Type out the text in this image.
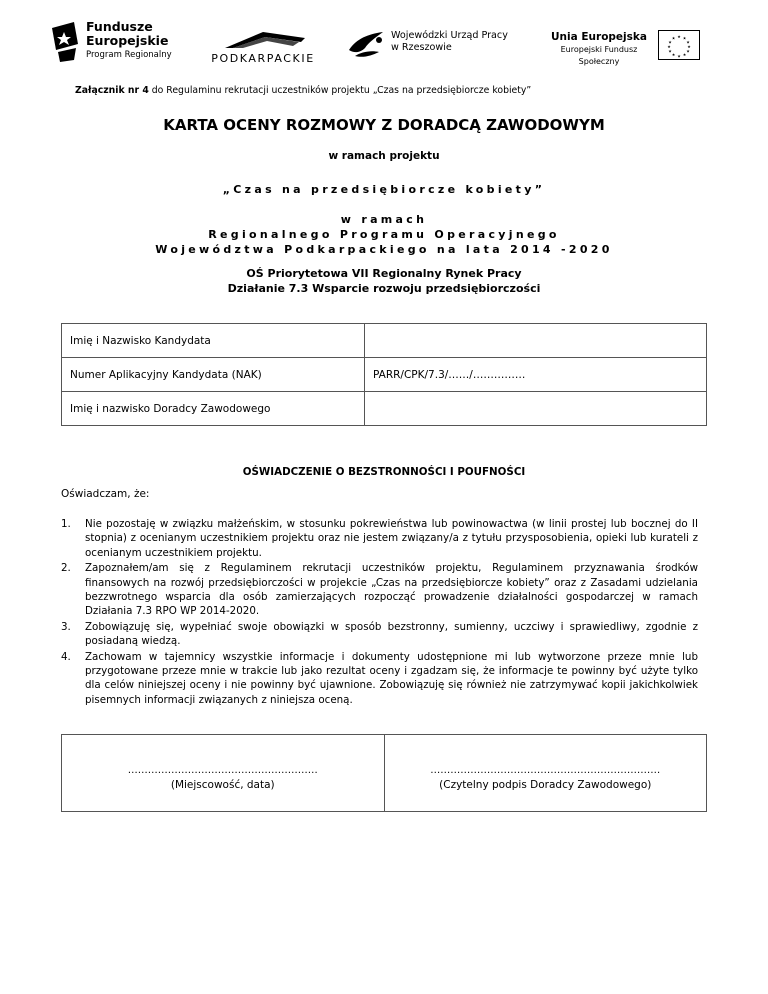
Fundusze
Europejskie
Program Regionalny	PODKARPACKIE
Wojewódzki Urząd Pracy
w Rzeszowie
Unia Europejska
Europejski Fundusz Społeczny
★ ★
★
★
★
★
★
★
★
★
★
★
Załącznik nr 4 do Regulaminu rekrutacji uczestników projektu „Czas na przedsiębiorcze kobiety”
KARTA OCENY ROZMOWY Z DORADCĄ ZAWODOWYM
w ramach projektu
„Czas na przedsiębiorcze kobiety”
w ramach
Regionalnego Programu Operacyjnego
Województwa Podkarpackiego na lata 2014 -2020
OŚ Priorytetowa VII Regionalny Rynek Pracy
Działanie 7.3 Wsparcie rozwoju przedsiębiorczości
Imię i Nazwisko Kandydata	
Numer Aplikacyjny Kandydata (NAK)	PARR/CPK/7.3/……/……………
Imię i nazwisko Doradcy Zawodowego	
OŚWIADCZENIE O BEZSTRONNOŚCI I POUFNOŚCI
Oświadczam, że:
1. Nie pozostaję w związku małżeńskim, w stosunku pokrewieństwa lub powinowactwa (w linii prostej lub bocznej do II stopnia) z ocenianym uczestnikiem projektu oraz nie jestem związany/a z tytułu przysposobienia, opieki lub kurateli z ocenianym uczestnikiem projektu.
2. Zapoznałem/am się z Regulaminem rekrutacji uczestników projektu, Regulaminem przyznawania środków finansowych na rozwój przedsiębiorczości w projekcie „Czas na przedsiębiorcze kobiety” oraz z Zasadami udzielania bezzwrotnego wsparcia dla osób zamierzających rozpocząć prowadzenie działalności gospodarczej w ramach Działania 7.3 RPO WP 2014-2020.
3. Zobowiązuję się, wypełniać swoje obowiązki w sposób bezstronny, sumienny, uczciwy i sprawiedliwy, zgodnie z posiadaną wiedzą.
4. Zachowam w tajemnicy wszystkie informacje i dokumenty udostępnione mi lub wytworzone przeze mnie lub przygotowane przeze mnie w trakcie lub jako rezultat oceny i zgadzam się, że informacje te powinny być użyte tylko dla celów niniejszej oceny i nie powinny być ujawnione. Zobowiązuję się również nie zatrzymywać kopii jakichkolwiek pisemnych informacji związanych z niniejsza oceną.
…………………………………………………
(Miejscowość, data)	
……………………………………………………………
(Czytelny podpis Doradcy Zawodowego)
